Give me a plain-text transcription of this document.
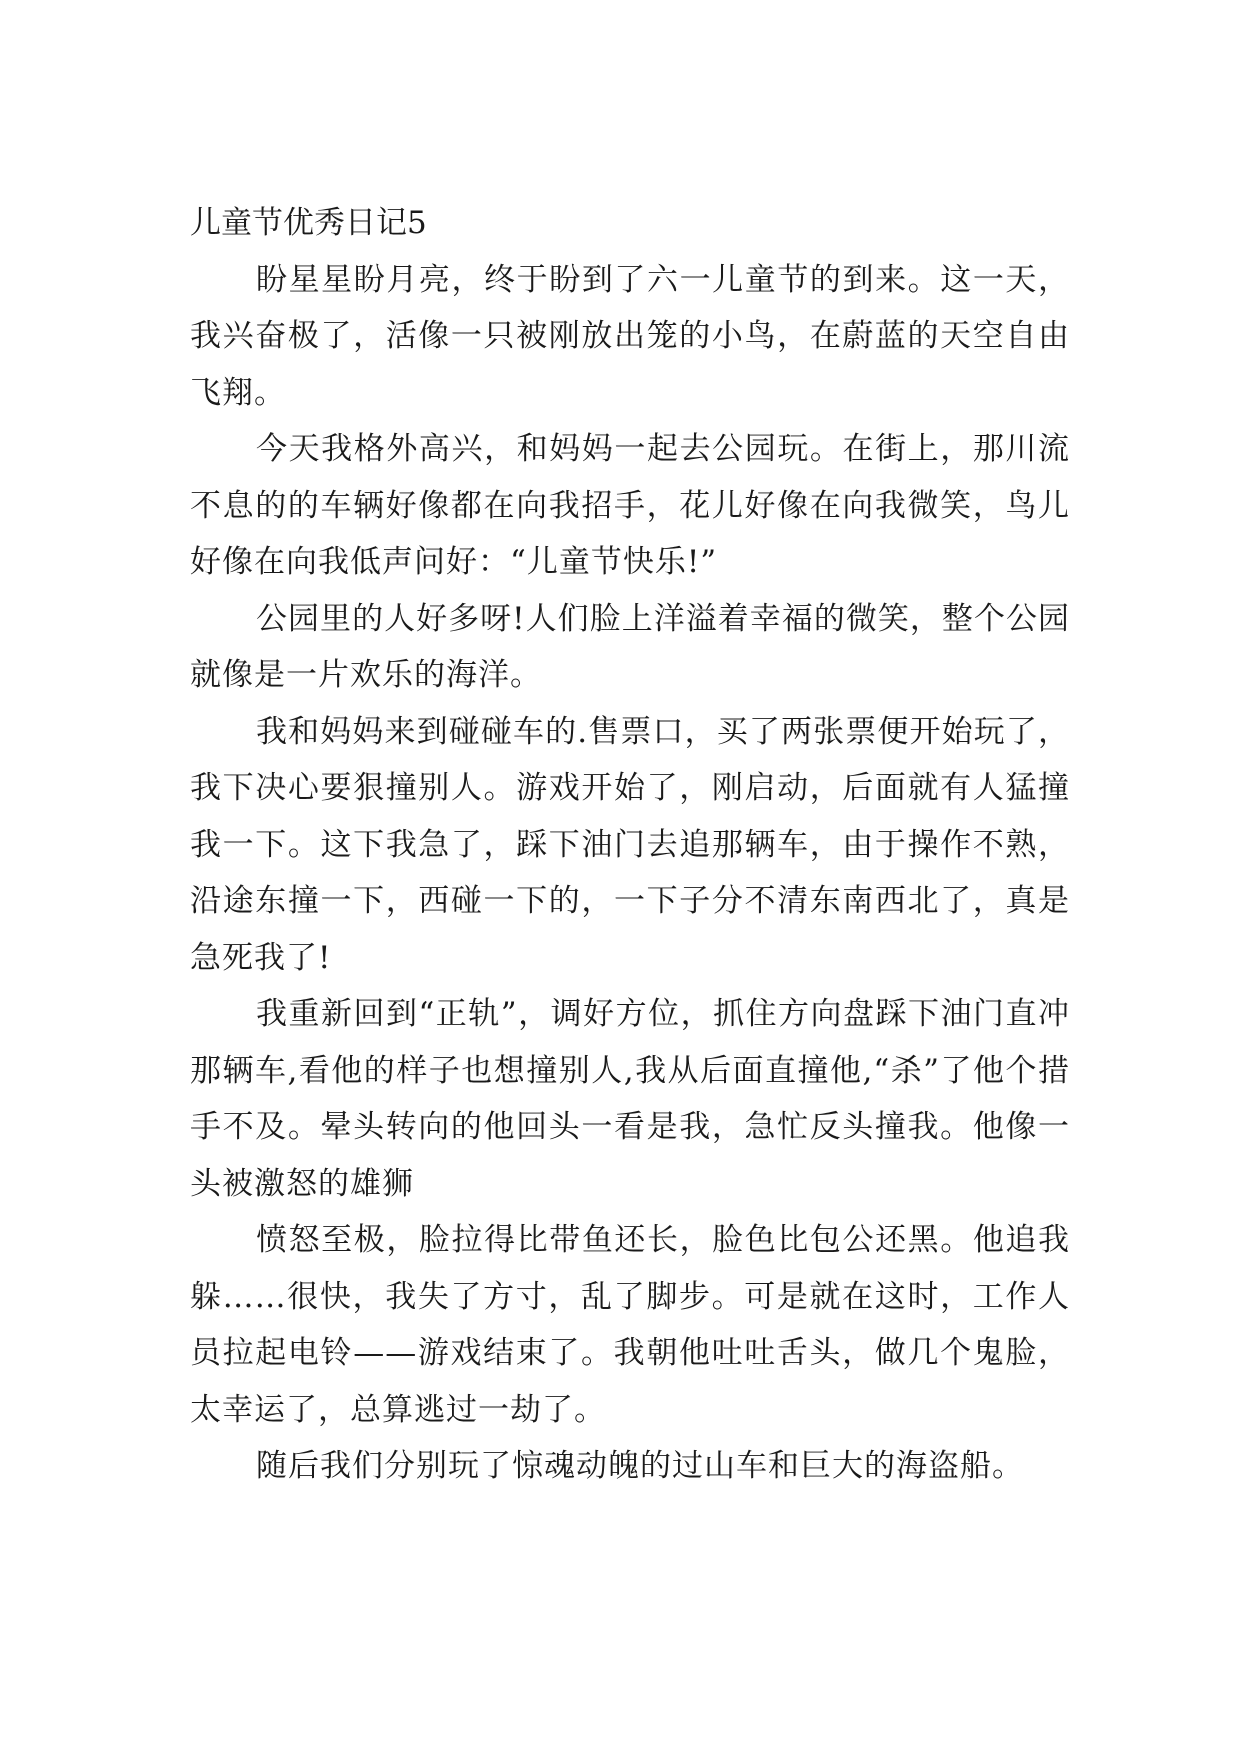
儿童节优秀日记5

盼星星盼月亮，终于盼到了六一儿童节的到来。这一天，我兴奋极了，活像一只被刚放出笼的小鸟，在蔚蓝的天空自由飞翔。

今天我格外高兴，和妈妈一起去公园玩。在街上，那川流不息的的车辆好像都在向我招手，花儿好像在向我微笑，鸟儿好像在向我低声问好：“儿童节快乐!”

公园里的人好多呀!人们脸上洋溢着幸福的微笑，整个公园就像是一片欢乐的海洋。

我和妈妈来到碰碰车的.售票口，买了两张票便开始玩了，我下决心要狠撞别人。游戏开始了，刚启动，后面就有人猛撞我一下。这下我急了，踩下油门去追那辆车，由于操作不熟，沿途东撞一下，西碰一下的，一下子分不清东南西北了，真是急死我了!

我重新回到“正轨”，调好方位，抓住方向盘踩下油门直冲那辆车,看他的样子也想撞别人,我从后面直撞他,“杀”了他个措手不及。晕头转向的他回头一看是我，急忙反头撞我。他像一头被激怒的雄狮

愤怒至极，脸拉得比带鱼还长，脸色比包公还黑。他追我躲……很快，我失了方寸，乱了脚步。可是就在这时，工作人员拉起电铃——游戏结束了。我朝他吐吐舌头，做几个鬼脸，太幸运了，总算逃过一劫了。

随后我们分别玩了惊魂动魄的过山车和巨大的海盗船。
